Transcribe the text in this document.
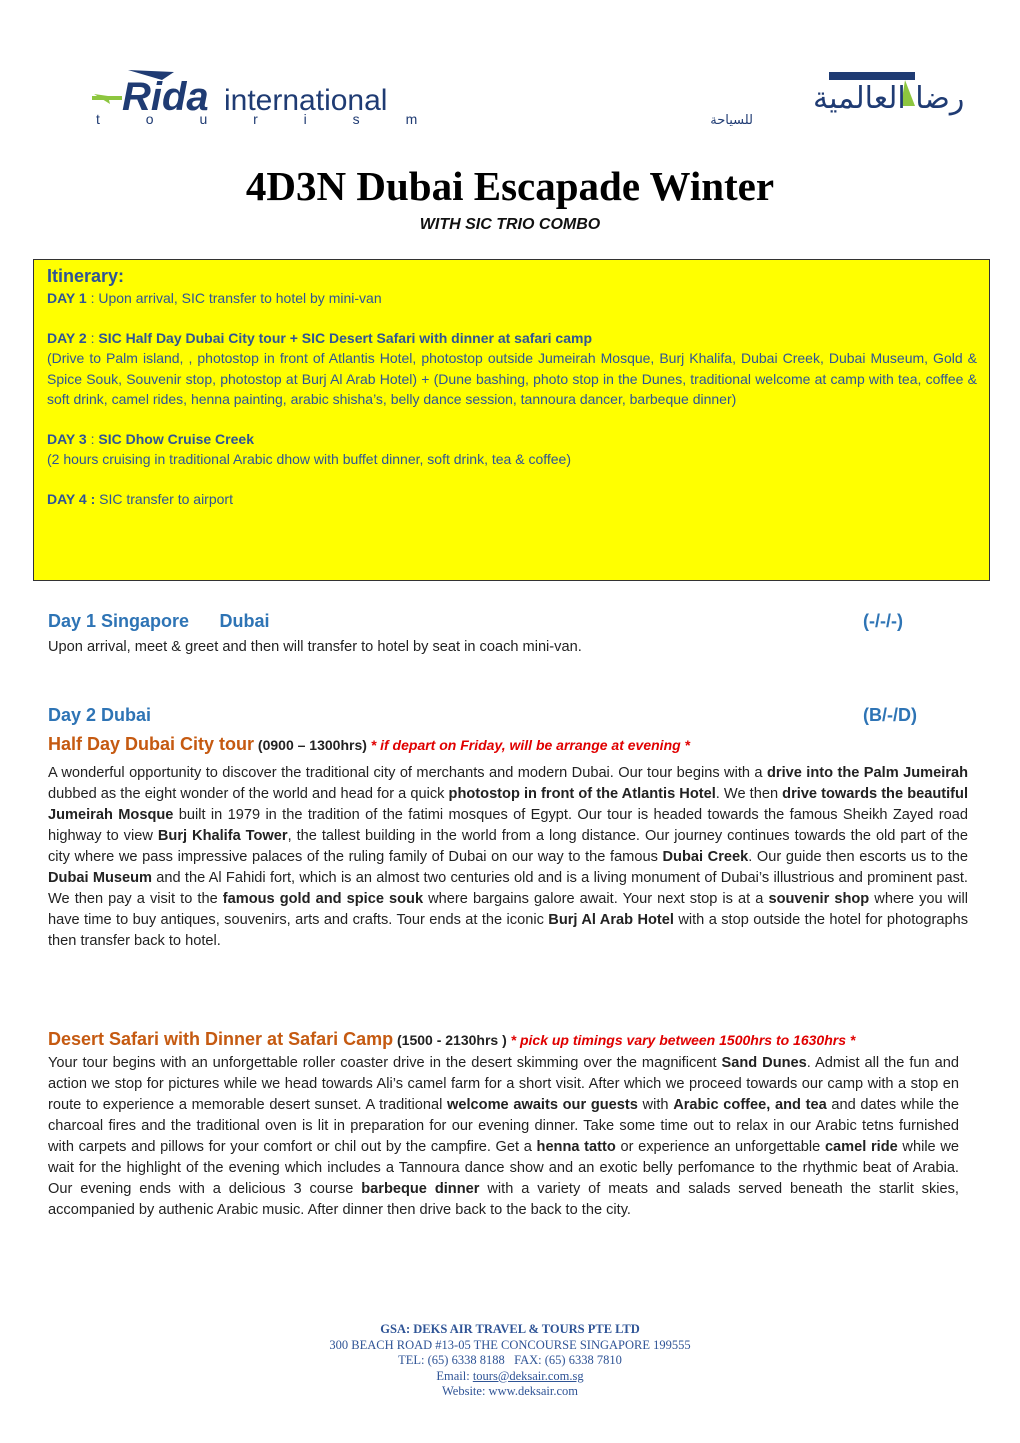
Rida international
t o u r i s m
رضا العالمية
للسياحة
4D3N Dubai Escapade Winter
WITH SIC TRIO COMBO
Itinerary:
DAY 1 : Upon arrival, SIC transfer to hotel by mini-van
DAY 2 : SIC Half Day Dubai City tour + SIC Desert Safari with dinner at safari camp
(Drive to Palm island, , photostop in front of Atlantis Hotel, photostop outside Jumeirah Mosque, Burj Khalifa, Dubai Creek, Dubai Museum, Gold & Spice Souk, Souvenir stop, photostop at Burj Al Arab Hotel) + (Dune bashing, photo stop in the Dunes, traditional welcome at camp with tea, coffee & soft drink, camel rides, henna painting, arabic shisha’s, belly dance session, tannoura dancer, barbeque dinner)
DAY 3 : SIC Dhow Cruise Creek
(2 hours cruising in traditional Arabic dhow with buffet dinner, soft drink, tea & coffee)
DAY 4 : SIC transfer to airport
Day 1 Singapore Dubai	(-/-/-)
Upon arrival, meet & greet and then will transfer to hotel by seat in coach mini-van.
Day 2 Dubai	(B/-/D)
Half Day Dubai City tour (0900 – 1300hrs) * if depart on Friday, will be arrange at evening *
A wonderful opportunity to discover the traditional city of merchants and modern Dubai. Our tour begins with a drive into the Palm Jumeirah dubbed as the eight wonder of the world and head for a quick photostop in front of the Atlantis Hotel. We then drive towards the beautiful Jumeirah Mosque built in 1979 in the tradition of the fatimi mosques of Egypt. Our tour is headed towards the famous Sheikh Zayed road highway to view Burj Khalifa Tower, the tallest building in the world from a long distance. Our journey continues towards the old part of the city where we pass impressive palaces of the ruling family of Dubai on our way to the famous Dubai Creek. Our guide then escorts us to the Dubai Museum and the Al Fahidi fort, which is an almost two centuries old and is a living monument of Dubai’s illustrious and prominent past. We then pay a visit to the famous gold and spice souk where bargains galore await. Your next stop is at a souvenir shop where you will have time to buy antiques, souvenirs, arts and crafts. Tour ends at the iconic Burj Al Arab Hotel with a stop outside the hotel for photographs then transfer back to hotel.
Desert Safari with Dinner at Safari Camp (1500 - 2130hrs ) * pick up timings vary between 1500hrs to 1630hrs *
Your tour begins with an unforgettable roller coaster drive in the desert skimming over the magnificent Sand Dunes. Admist all the fun and action we stop for pictures while we head towards Ali’s camel farm for a short visit. After which we proceed towards our camp with a stop en route to experience a memorable desert sunset. A traditional welcome awaits our guests with Arabic coffee, and tea and dates while the charcoal fires and the traditional oven is lit in preparation for our evening dinner. Take some time out to relax in our Arabic tetns furnished with carpets and pillows for your comfort or chil out by the campfire. Get a henna tatto or experience an unforgettable camel ride while we wait for the highlight of the evening which includes a Tannoura dance show and an exotic belly perfomance to the rhythmic beat of Arabia. Our evening ends with a delicious 3 course barbeque dinner with a variety of meats and salads served beneath the starlit skies, accompanied by authenic Arabic music. After dinner then drive back to the back to the city.
GSA: DEKS AIR TRAVEL & TOURS PTE LTD
300 BEACH ROAD #13-05 THE CONCOURSE SINGAPORE 199555
TEL: (65) 6338 8188   FAX: (65) 6338 7810
Email: tours@deksair.com.sg
Website: www.deksair.com
